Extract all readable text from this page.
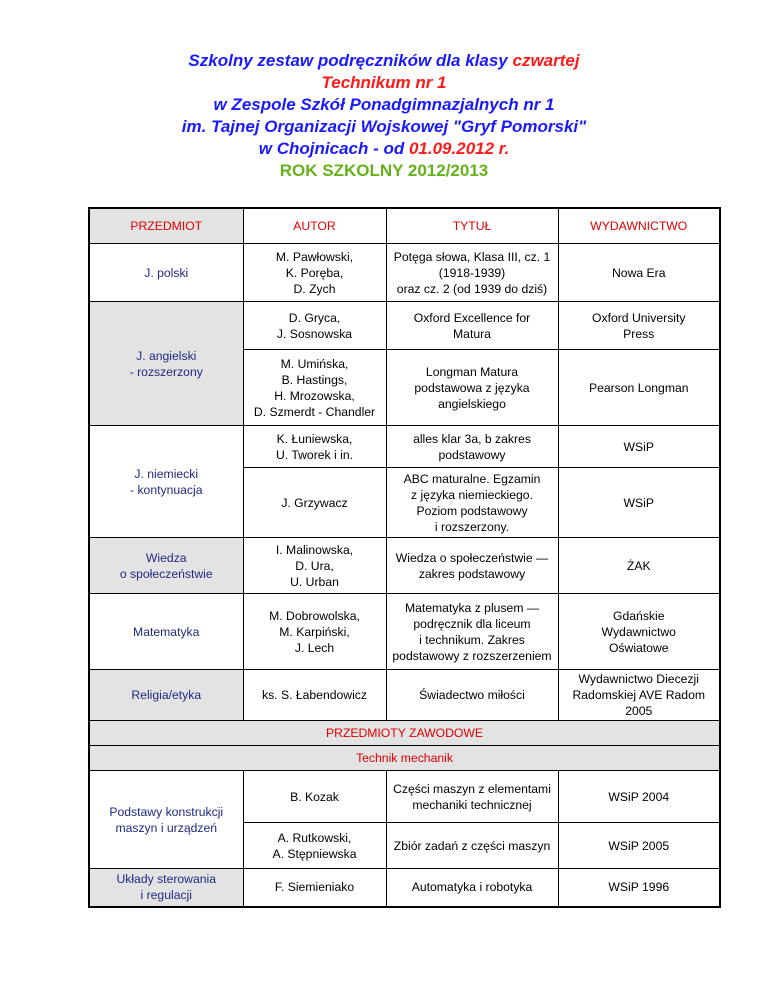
Szkolny zestaw podręczników dla klasy czwartej
Technikum nr 1
w Zespole Szkół Ponadgimnazjalnych nr 1
im. Tajnej Organizacji Wojskowej "Gryf Pomorski"
w Chojnicach - od 01.09.2012 r.
ROK SZKOLNY 2012/2013
PRZEDMIOT	AUTOR	TYTUŁ	WYDAWNICTWO
J. polski	M. Pawłowski,
K. Poręba,
D. Zych	Potęga słowa, Klasa III, cz. 1
(1918-1939)
oraz cz. 2 (od 1939 do dziś)	Nowa Era
J. angielski
- rozszerzony	D. Gryca,
J. Sosnowska	Oxford Excellence for
Matura	Oxford University
Press
	M. Umińska,
B. Hastings,
H. Mrozowska,
D. Szmerdt - Chandler	Longman Matura
podstawowa z języka
angielskiego	Pearson Longman
J. niemiecki
- kontynuacja	K. Łuniewska,
U. Tworek i in.	alles klar 3a, b zakres
podstawowy	WSiP
	J. Grzywacz	ABC maturalne. Egzamin
z języka niemieckiego.
Poziom podstawowy
i rozszerzony.	WSiP
Wiedza
o społeczeństwie	I. Malinowska,
D. Ura,
U. Urban	Wiedza o społeczeństwie —
zakres podstawowy	ŻAK
Matematyka	M. Dobrowolska,
M. Karpiński,
J. Lech	Matematyka z plusem —
podręcznik dla liceum
i technikum. Zakres
podstawowy z rozszerzeniem	Gdańskie
Wydawnictwo
Oświatowe
Religia/etyka	ks. S. Łabendowicz	Świadectwo miłości	Wydawnictwo Diecezji
Radomskiej AVE Radom
2005
PRZEDMIOTY ZAWODOWE			
Technik mechanik			
Podstawy konstrukcji
maszyn i urządzeń	B. Kozak	Części maszyn z elementami
mechaniki technicznej	WSiP 2004
	A. Rutkowski,
A. Stępniewska	Zbiór zadań z części maszyn	WSiP 2005
Układy sterowania
i regulacji	F. Siemieniako	Automatyka i robotyka	WSiP 1996
